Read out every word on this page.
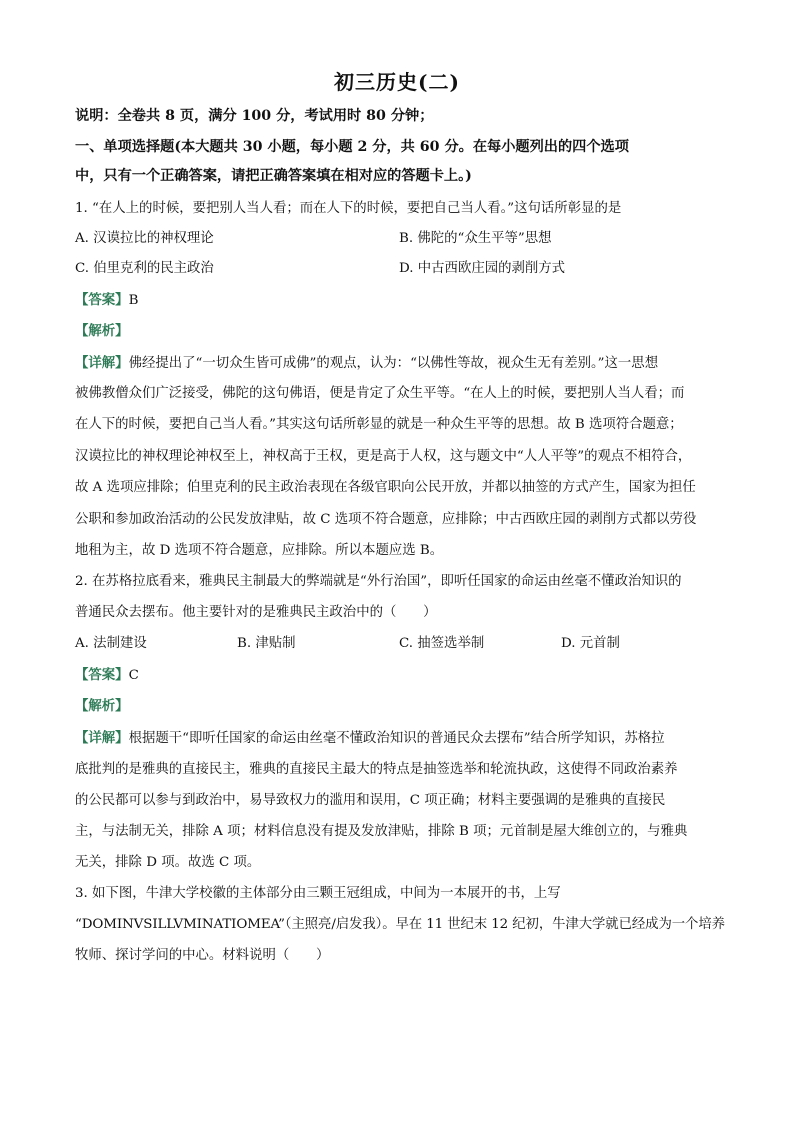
初三历史(二)
说明：全卷共 8 页，满分 100 分，考试用时 80 分钟；
一、单项选择题(本大题共 30 小题，每小题 2 分，共 60 分。在每小题列出的四个选项
中，只有一个正确答案，请把正确答案填在相对应的答题卡上。)
1. “在人上的时候，要把别人当人看；而在人下的时候，要把自己当人看。”这句话所彰显的是
A. 汉谟拉比的神权理论	B. 佛陀的“众生平等”思想
C. 伯里克利的民主政治	D. 中古西欧庄园的剥削方式
【答案】B
【解析】
【详解】佛经提出了“一切众生皆可成佛”的观点，认为：“以佛性等故，视众生无有差别。”这一思想
被佛教僧众们广泛接受，佛陀的这句佛语，便是肯定了众生平等。“在人上的时候，要把别人当人看；而
在人下的时候，要把自己当人看。”其实这句话所彰显的就是一种众生平等的思想。故 B 选项符合题意；
汉谟拉比的神权理论神权至上，神权高于王权，更是高于人权，这与题文中“人人平等”的观点不相符合，
故 A 选项应排除；伯里克利的民主政治表现在各级官职向公民开放，并都以抽签的方式产生，国家为担任
公职和参加政治活动的公民发放津贴，故 C 选项不符合题意，应排除；中古西欧庄园的剥削方式都以劳役
地租为主，故 D 选项不符合题意，应排除。所以本题应选 B。
2. 在苏格拉底看来，雅典民主制最大的弊端就是“外行治国”，即听任国家的命运由丝毫不懂政治知识的
普通民众去摆布。他主要针对的是雅典民主政治中的（　　）
A. 法制建设	B. 津贴制	C. 抽签选举制	D. 元首制
【答案】C
【解析】
【详解】根据题干“即听任国家的命运由丝毫不懂政治知识的普通民众去摆布”结合所学知识，苏格拉
底批判的是雅典的直接民主，雅典的直接民主最大的特点是抽签选举和轮流执政，这使得不同政治素养
的公民都可以参与到政治中，易导致权力的滥用和误用，C 项正确；材料主要强调的是雅典的直接民
主，与法制无关，排除 A 项；材料信息没有提及发放津贴，排除 B 项；元首制是屋大维创立的，与雅典
无关，排除 D 项。故选 C 项。
3. 如下图，牛津大学校徽的主体部分由三颗王冠组成，中间为一本展开的书，上写
“DOMINVSILLVMINATIOMEA”（主照亮/启发我）。早在 11 世纪末 12 纪初，牛津大学就已经成为一个培养
牧师、探讨学问的中心。材料说明（　　）
